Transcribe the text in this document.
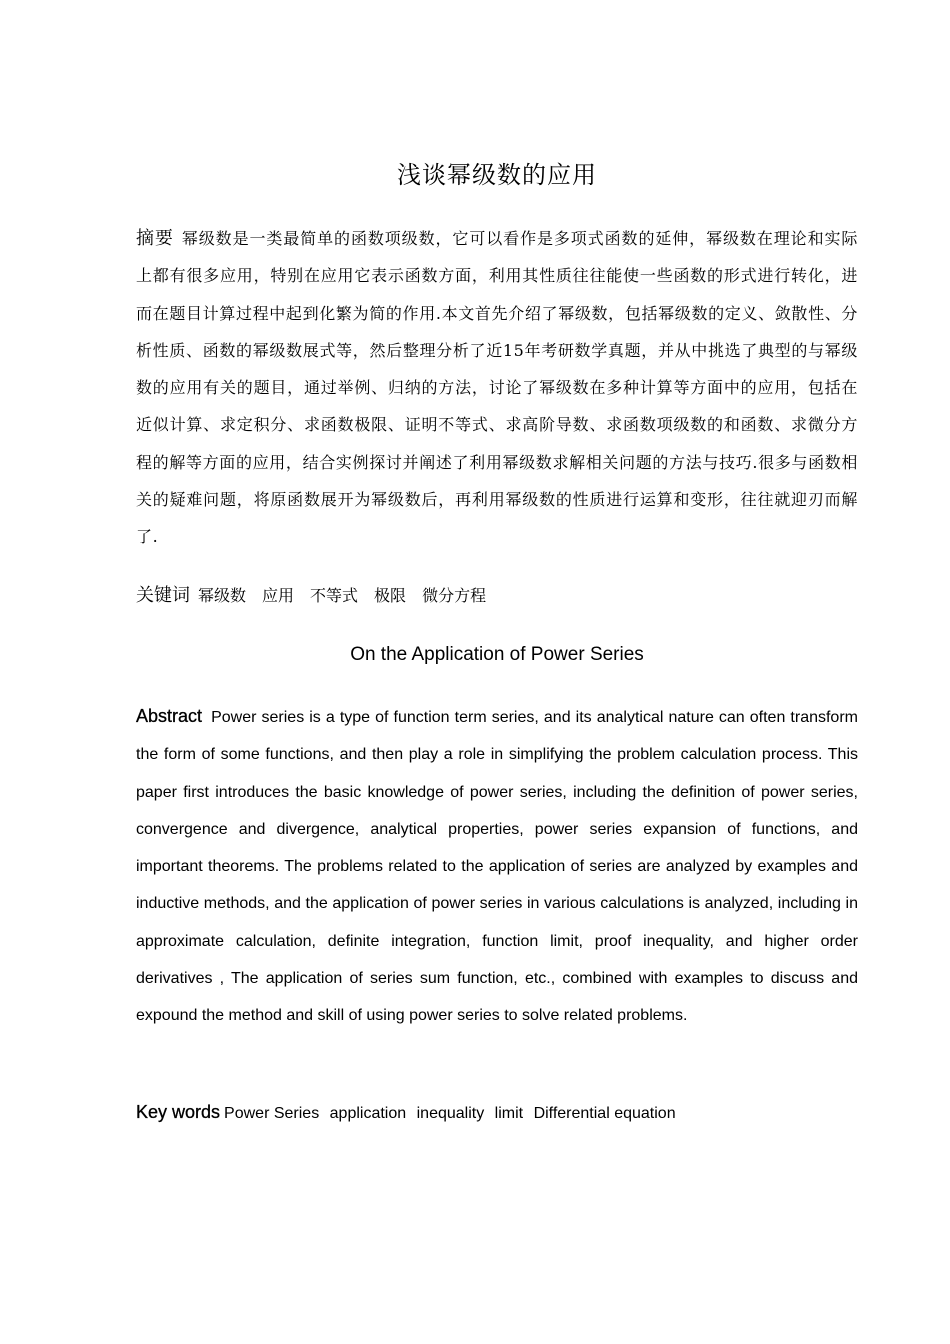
浅谈幂级数的应用
摘要 幂级数是一类最简单的函数项级数，它可以看作是多项式函数的延伸，幂级数在理论和实际上都有很多应用，特别在应用它表示函数方面，利用其性质往往能使一些函数的形式进行转化，进而在题目计算过程中起到化繁为简的作用.本文首先介绍了幂级数，包括幂级数的定义、敛散性、分析性质、函数的幂级数展式等，然后整理分析了近15年考研数学真题，并从中挑选了典型的与幂级数的应用有关的题目，通过举例、归纳的方法，讨论了幂级数在多种计算等方面中的应用，包括在近似计算、求定积分、求函数极限、证明不等式、求高阶导数、求函数项级数的和函数、求微分方程的解等方面的应用，结合实例探讨并阐述了利用幂级数求解相关问题的方法与技巧.很多与函数相关的疑难问题，将原函数展开为幂级数后，再利用幂级数的性质进行运算和变形，往往就迎刃而解了.
关键词 幂级数 应用 不等式 极限 微分方程
On the Application of Power Series
Abstract Power series is a type of function term series, and its analytical nature can often transform the form of some functions, and then play a role in simplifying the problem calculation process. This paper first introduces the basic knowledge of power series, including the definition of power series, convergence and divergence, analytical properties, power series expansion of functions, and important theorems. The problems related to the application of series are analyzed by examples and inductive methods, and the application of power series in various calculations is analyzed, including in approximate calculation, definite integration, function limit, proof inequality, and higher order derivatives , The application of series sum function, etc., combined with examples to discuss and expound the method and skill of using power series to solve related problems.
Key words Power Series application inequality limit Differential equation
